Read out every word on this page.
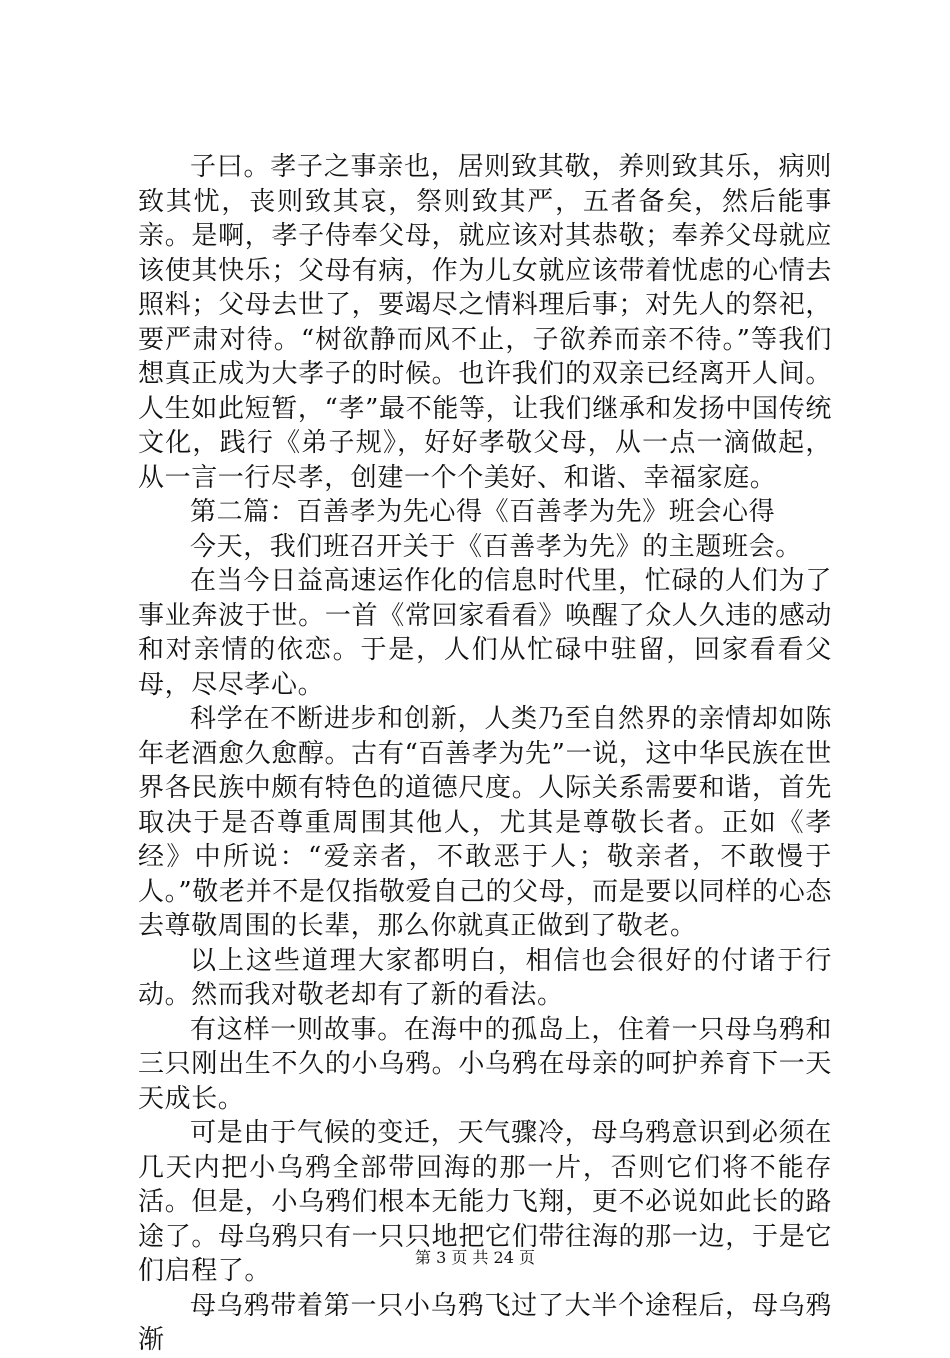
子曰。孝子之事亲也，居则致其敬，养则致其乐，病则致其忧，丧则致其哀，祭则致其严，五者备矣，然后能事亲。是啊，孝子侍奉父母，就应该对其恭敬；奉养父母就应该使其快乐；父母有病，作为儿女就应该带着忧虑的心情去照料；父母去世了，要竭尽之情料理后事；对先人的祭祀，要严肃对待。“树欲静而风不止，子欲养而亲不待。”等我们想真正成为大孝子的时候。也许我们的双亲已经离开人间。人生如此短暂，“孝”最不能等，让我们继承和发扬中国传统文化，践行《弟子规》，好好孝敬父母，从一点一滴做起，从一言一行尽孝，创建一个个美好、和谐、幸福家庭。

第二篇：百善孝为先心得《百善孝为先》班会心得

今天，我们班召开关于《百善孝为先》的主题班会。

在当今日益高速运作化的信息时代里，忙碌的人们为了事业奔波于世。一首《常回家看看》唤醒了众人久违的感动和对亲情的依恋。于是，人们从忙碌中驻留，回家看看父母，尽尽孝心。

科学在不断进步和创新，人类乃至自然界的亲情却如陈年老酒愈久愈醇。古有“百善孝为先”一说，这中华民族在世界各民族中颇有特色的道德尺度。人际关系需要和谐，首先取决于是否尊重周围其他人，尤其是尊敬长者。正如《孝经》中所说：“爱亲者，不敢恶于人；敬亲者，不敢慢于人。”敬老并不是仅指敬爱自己的父母，而是要以同样的心态去尊敬周围的长辈，那么你就真正做到了敬老。

以上这些道理大家都明白，相信也会很好的付诸于行动。然而我对敬老却有了新的看法。

有这样一则故事。在海中的孤岛上，住着一只母乌鸦和三只刚出生不久的小乌鸦。小乌鸦在母亲的呵护养育下一天天成长。

可是由于气候的变迁，天气骤冷，母乌鸦意识到必须在几天内把小乌鸦全部带回海的那一片，否则它们将不能存活。但是，小乌鸦们根本无能力飞翔，更不必说如此长的路途了。母乌鸦只有一只只地把它们带往海的那一边，于是它们启程了。

母乌鸦带着第一只小乌鸦飞过了大半个途程后，母乌鸦渐

第 3 页 共 24 页
